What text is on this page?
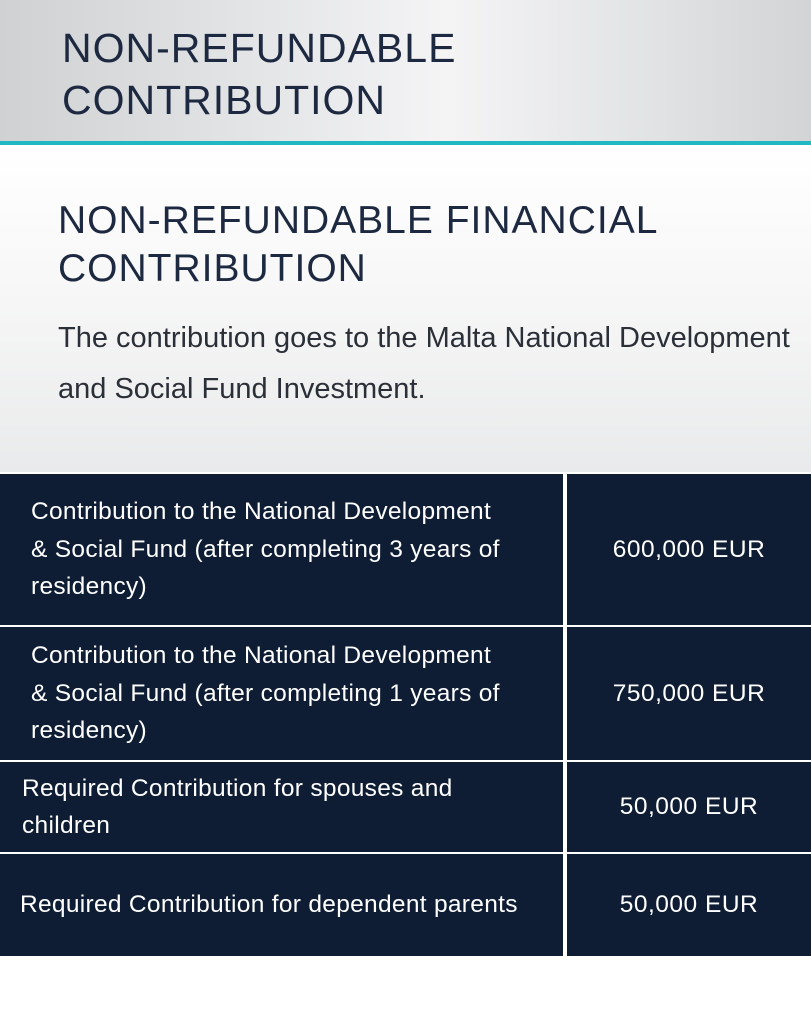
NON-REFUNDABLE CONTRIBUTION
NON-REFUNDABLE FINANCIAL CONTRIBUTION

The contribution goes to the Malta National Development and Social Fund Investment.

Contribution to the National Development & Social Fund (after completing 3 years of residency)
600,000 EUR
Contribution to the National Development & Social Fund (after completing 1 years of residency)
750,000 EUR
Required Contribution for spouses and children
50,000 EUR
Required Contribution for dependent parents	50,000 EUR
